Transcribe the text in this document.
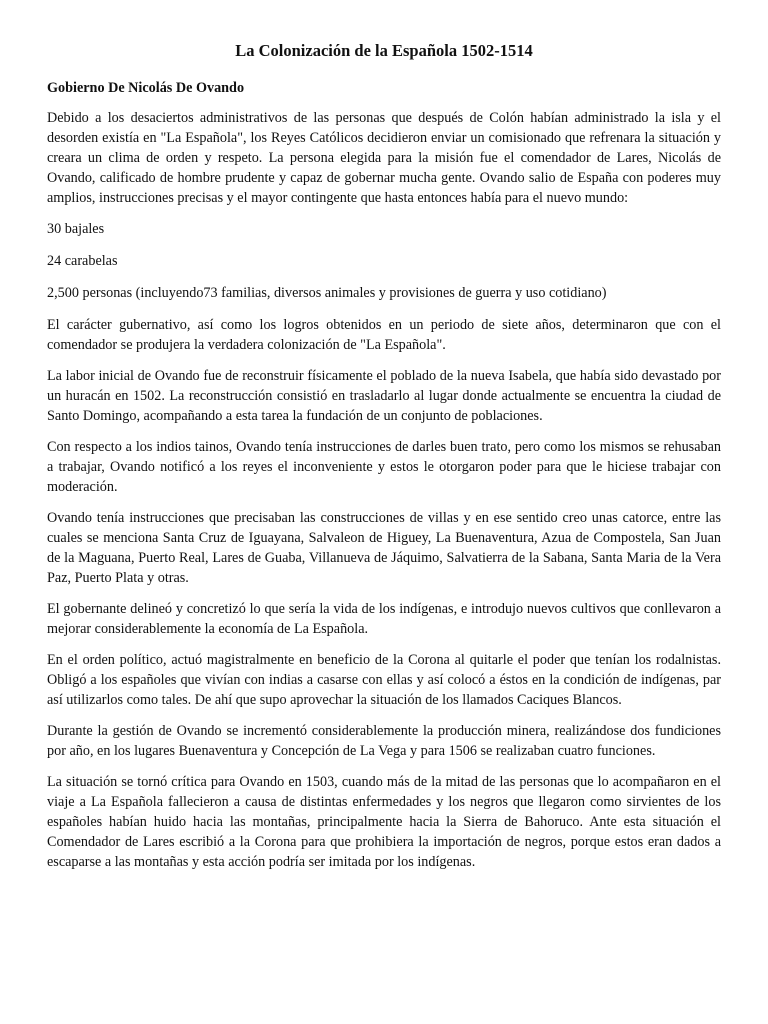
La Colonización de la Española 1502-1514
Gobierno De Nicolás De Ovando

Debido a los desaciertos administrativos de las personas que después de Colón habían administrado la isla y el desorden existía en "La Española", los Reyes Católicos decidieron enviar un comisionado que refrenara la situación y creara un clima de orden y respeto. La persona elegida para la misión fue el comendador de Lares, Nicolás de Ovando, calificado de hombre prudente y capaz de gobernar mucha gente. Ovando salio de España con poderes muy amplios, instrucciones precisas y el mayor contingente que hasta entonces había para el nuevo mundo:

30 bajales

24 carabelas

2,500 personas (incluyendo73 familias, diversos animales y provisiones de guerra y uso cotidiano)

El carácter gubernativo, así como los logros obtenidos en un periodo de siete años, determinaron que con el comendador se produjera la verdadera colonización de "La Española".

La labor inicial de Ovando fue de reconstruir físicamente el poblado de la nueva Isabela, que había sido devastado por un huracán en 1502. La reconstrucción consistió en trasladarlo al lugar donde actualmente se encuentra la ciudad de Santo Domingo, acompañando a esta tarea la fundación de un conjunto de poblaciones.

Con respecto a los indios tainos, Ovando tenía instrucciones de darles buen trato, pero como los mismos se rehusaban a trabajar, Ovando notificó a los reyes el inconveniente y estos le otorgaron poder para que le hiciese trabajar con moderación.

Ovando tenía instrucciones que precisaban las construcciones de villas y en ese sentido creo unas catorce, entre las cuales se menciona Santa Cruz de Iguayana, Salvaleon de Higuey, La Buenaventura, Azua de Compostela, San Juan de la Maguana, Puerto Real, Lares de Guaba, Villanueva de Jáquimo, Salvatierra de la Sabana, Santa Maria de la Vera Paz, Puerto Plata y otras.

El gobernante delineó y concretizó lo que sería la vida de los indígenas, e introdujo nuevos cultivos que conllevaron a mejorar considerablemente la economía de La Española.

En el orden político, actuó magistralmente en beneficio de la Corona al quitarle el poder que tenían los rodalnistas. Obligó a los españoles que vivían con indias a casarse con ellas y así colocó a éstos en la condición de indígenas, par así utilizarlos como tales. De ahí que supo aprovechar la situación de los llamados Caciques Blancos.

Durante la gestión de Ovando se incrementó considerablemente la producción minera, realizándose dos fundiciones por año, en los lugares Buenaventura y Concepción de La Vega y para 1506 se realizaban cuatro funciones.

La situación se tornó crítica para Ovando en 1503, cuando más de la mitad de las personas que lo acompañaron en el viaje a La Española fallecieron a causa de distintas enfermedades y los negros que llegaron como sirvientes de los españoles habían huido hacia las montañas, principalmente hacia la Sierra de Bahoruco. Ante esta situación el Comendador de Lares escribió a la Corona para que prohibiera la importación de negros, porque estos eran dados a escaparse a las montañas y esta acción podría ser imitada por los indígenas.
